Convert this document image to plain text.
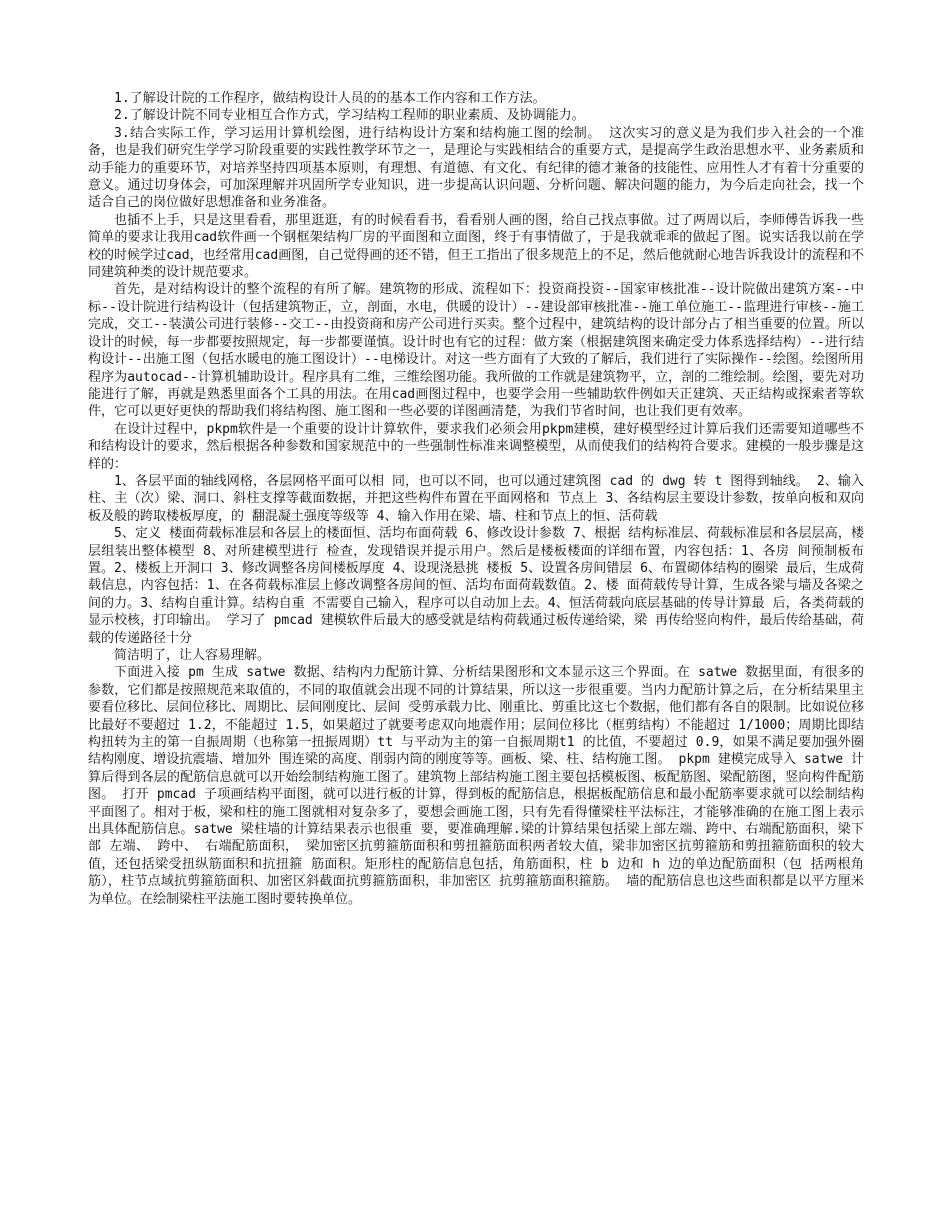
1.了解设计院的工作程序，做结构设计人员的的基本工作内容和工作方法。

2.了解设计院不同专业相互合作方式，学习结构工程师的职业素质、及协调能力。

3.结合实际工作，学习运用计算机绘图，进行结构设计方案和结构施工图的绘制。 这次实习的意义是为我们步入社会的一个准备，也是我们研究生学学习阶段重要的实践性教学环节之一，是理论与实践相结合的重要方式，是提高学生政治思想水平、业务素质和动手能力的重要环节，对培养坚持四项基本原则，有理想、有道德、有文化、有纪律的德才兼备的技能性、应用性人才有着十分重要的意义。通过切身体会，可加深理解并巩固所学专业知识，进一步提高认识问题、分析问题、解决问题的能力，为今后走向社会，找一个适合自己的岗位做好思想准备和业务准备。

也插不上手，只是这里看看，那里逛逛，有的时候看看书，看看别人画的图，给自己找点事做。过了两周以后，李师傅告诉我一些简单的要求让我用cad软件画一个钢框架结构厂房的平面图和立面图，终于有事情做了，于是我就乖乖的做起了图。说实话我以前在学校的时候学过cad，也经常用cad画图，自己觉得画的还不错，但王工指出了很多规范上的不足，然后他就耐心地告诉我设计的流程和不同建筑种类的设计规范要求。

首先，是对结构设计的整个流程的有所了解。建筑物的形成、流程如下：投资商投资--国家审核批准--设计院做出建筑方案--中标--设计院进行结构设计（包括建筑物正，立，剖面，水电，供暖的设计）--建设部审核批准--施工单位施工--监理进行审核--施工完成，交工--装潢公司进行装修--交工--由投资商和房产公司进行买卖。整个过程中，建筑结构的设计部分占了相当重要的位置。所以设计的时候，每一步都要按照规定，每一步都要谨慎。设计时也有它的过程：做方案（根据建筑图来确定受力体系选择结构）--进行结构设计--出施工图（包括水暖电的施工图设计）--电梯设计。对这一些方面有了大致的了解后，我们进行了实际操作--绘图。绘图所用程序为autocad--计算机辅助设计。程序具有二维，三维绘图功能。我所做的工作就是建筑物平，立，剖的二维绘制。绘图，要先对功能进行了解，再就是熟悉里面各个工具的用法。在用cad画图过程中，也要学会用一些辅助软件例如天正建筑、天正结构或探索者等软件，它可以更好更快的帮助我们将结构图、施工图和一些必要的详图画清楚，为我们节省时间，也让我们更有效率。

在设计过程中，pkpm软件是一个重要的设计计算软件，要求我们必须会用pkpm建模，建好模型经过计算后我们还需要知道哪些不和结构设计的要求，然后根据各种参数和国家规范中的一些强制性标准来调整模型，从而使我们的结构符合要求。建模的一般步骤是这样的：

1、各层平面的轴线网格，各层网格平面可以相 同，也可以不同，也可以通过建筑图 cad 的 dwg 转 t 图得到轴线。 2、输入 柱、主（次）梁、洞口、斜柱支撑等截面数据，并把这些构件布置在平面网格和 节点上 3、各结构层主要设计参数，按单向板和双向板及般的跨取楼板厚度，的 翻混凝土强度等级等 4、输入作用在梁、墙、柱和节点上的恒、活荷载

5、定义 楼面荷载标准层和各层上的楼面恒、活均布面荷载 6、修改设计参数 7、根据 结构标准层、荷载标准层和各层层高，楼层组装出整体模型 8、对所建模型进行 检查，发现错误并提示用户。然后是楼板楼面的详细布置，内容包括：1、各房 间预制板布置。2、楼板上开洞口 3、修改调整各房间楼板厚度 4、设现浇悬挑 楼板 5、设置各房间错层 6、布置砌体结构的圈梁 最后，生成荷载信息，内容包括：1、在各荷载标准层上修改调整各房间的恒、活均布面荷载数值。2、楼 面荷载传导计算，生成各梁与墙及各梁之间的力。3、结构自重计算。结构自重 不需要自己输入，程序可以自动加上去。4、恒活荷载向底层基础的传导计算最 后，各类荷载的显示校核，打印输出。 学习了 pmcad 建模软件后最大的感受就是结构荷载通过板传递给梁，梁 再传给竖向构件，最后传给基础，荷载的传递路径十分

简洁明了，让人容易理解。

下面进入接 pm 生成 satwe 数据、结构内力配筋计算、分析结果图形和文本显示这三个界面。在 satwe 数据里面，有很多的参数，它们都是按照规范来取值的，不同的取值就会出现不同的计算结果，所以这一步很重要。当内力配筋计算之后，在分析结果里主要看位移比、层间位移比、周期比、层间刚度比、层间 受剪承载力比、刚重比、剪重比这七个数据，他们都有各自的限制。比如说位移比最好不要超过 1.2，不能超过 1.5，如果超过了就要考虑双向地震作用；层间位移比（框剪结构）不能超过 1/1000；周期比即结构扭转为主的第一自振周期（也称第一扭振周期）tt 与平动为主的第一自振周期t1 的比值，不要超过 0.9，如果不满足要加强外圈结构刚度、增设抗震墙、增加外 围连梁的高度、削弱内筒的刚度等等。画板、梁、柱、结构施工图。 pkpm 建模完成导入 satwe 计算后得到各层的配筋信息就可以开始绘制结构施工图了。建筑物上部结构施工图主要包括模板图、板配筋图、梁配筋图，竖向构件配筋图。 打开 pmcad 子项画结构平面图，就可以进行板的计算，得到板的配筋信息，根据板配筋信息和最小配筋率要求就可以绘制结构平面图了。相对于板，梁和柱的施工图就相对复杂多了，要想会画施工图，只有先看得懂梁柱平法标注，才能够准确的在施工图上表示出具体配筋信息。satwe 梁柱墙的计算结果表示也很重 要，要准确理解.梁的计算结果包括梁上部左端、跨中、右端配筋面积，梁下部 左端、 跨中、 右端配筋面积， 梁加密区抗剪箍筋面积和剪扭箍筋面积两者较大值，梁非加密区抗剪箍筋和剪扭箍筋面积的较大值，还包括梁受扭纵筋面积和抗扭箍 筋面积。矩形柱的配筋信息包括，角筋面积，柱 b 边和 h 边的单边配筋面积（包 括两根角筋），柱节点域抗剪箍筋面积、加密区斜截面抗剪箍筋面积，非加密区 抗剪箍筋面积箍筋。 墙的配筋信息也这些面积都是以平方厘米为单位。在绘制梁柱平法施工图时要转换单位。
